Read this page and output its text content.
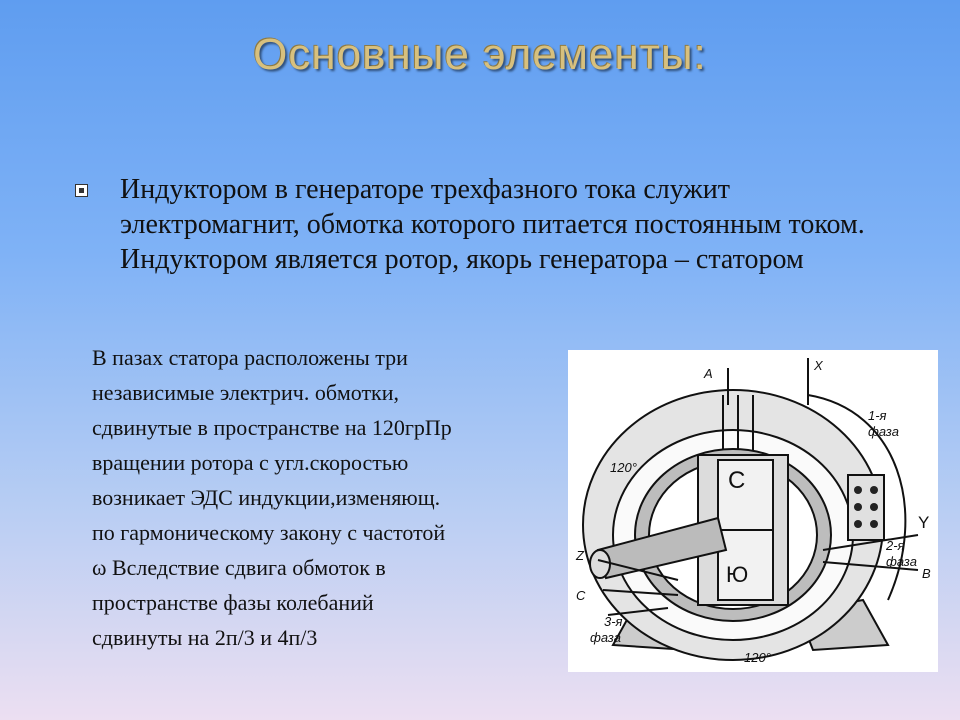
Основные элементы:
Индуктором в генераторе трехфазного тока служит электромагнит, обмотка которого питается постоянным током. Индуктором является ротор, якорь генератора – статором
В пазах статора расположены три
независимые электрич. обмотки,
сдвинутые в пространстве на 120грПр
вращении ротора с угл.скоростью
возникает ЭДС индукции,изменяющ.
по гармоническому закону с частотой
ω Вследствие сдвига обмоток в
пространстве фазы колебаний
сдвинуты на 2п/3 и 4п/3
A
X
Y
Z
C
B
С
Ю
120°
120°
1-я
фаза
2-я
фаза
3-я
фаза
